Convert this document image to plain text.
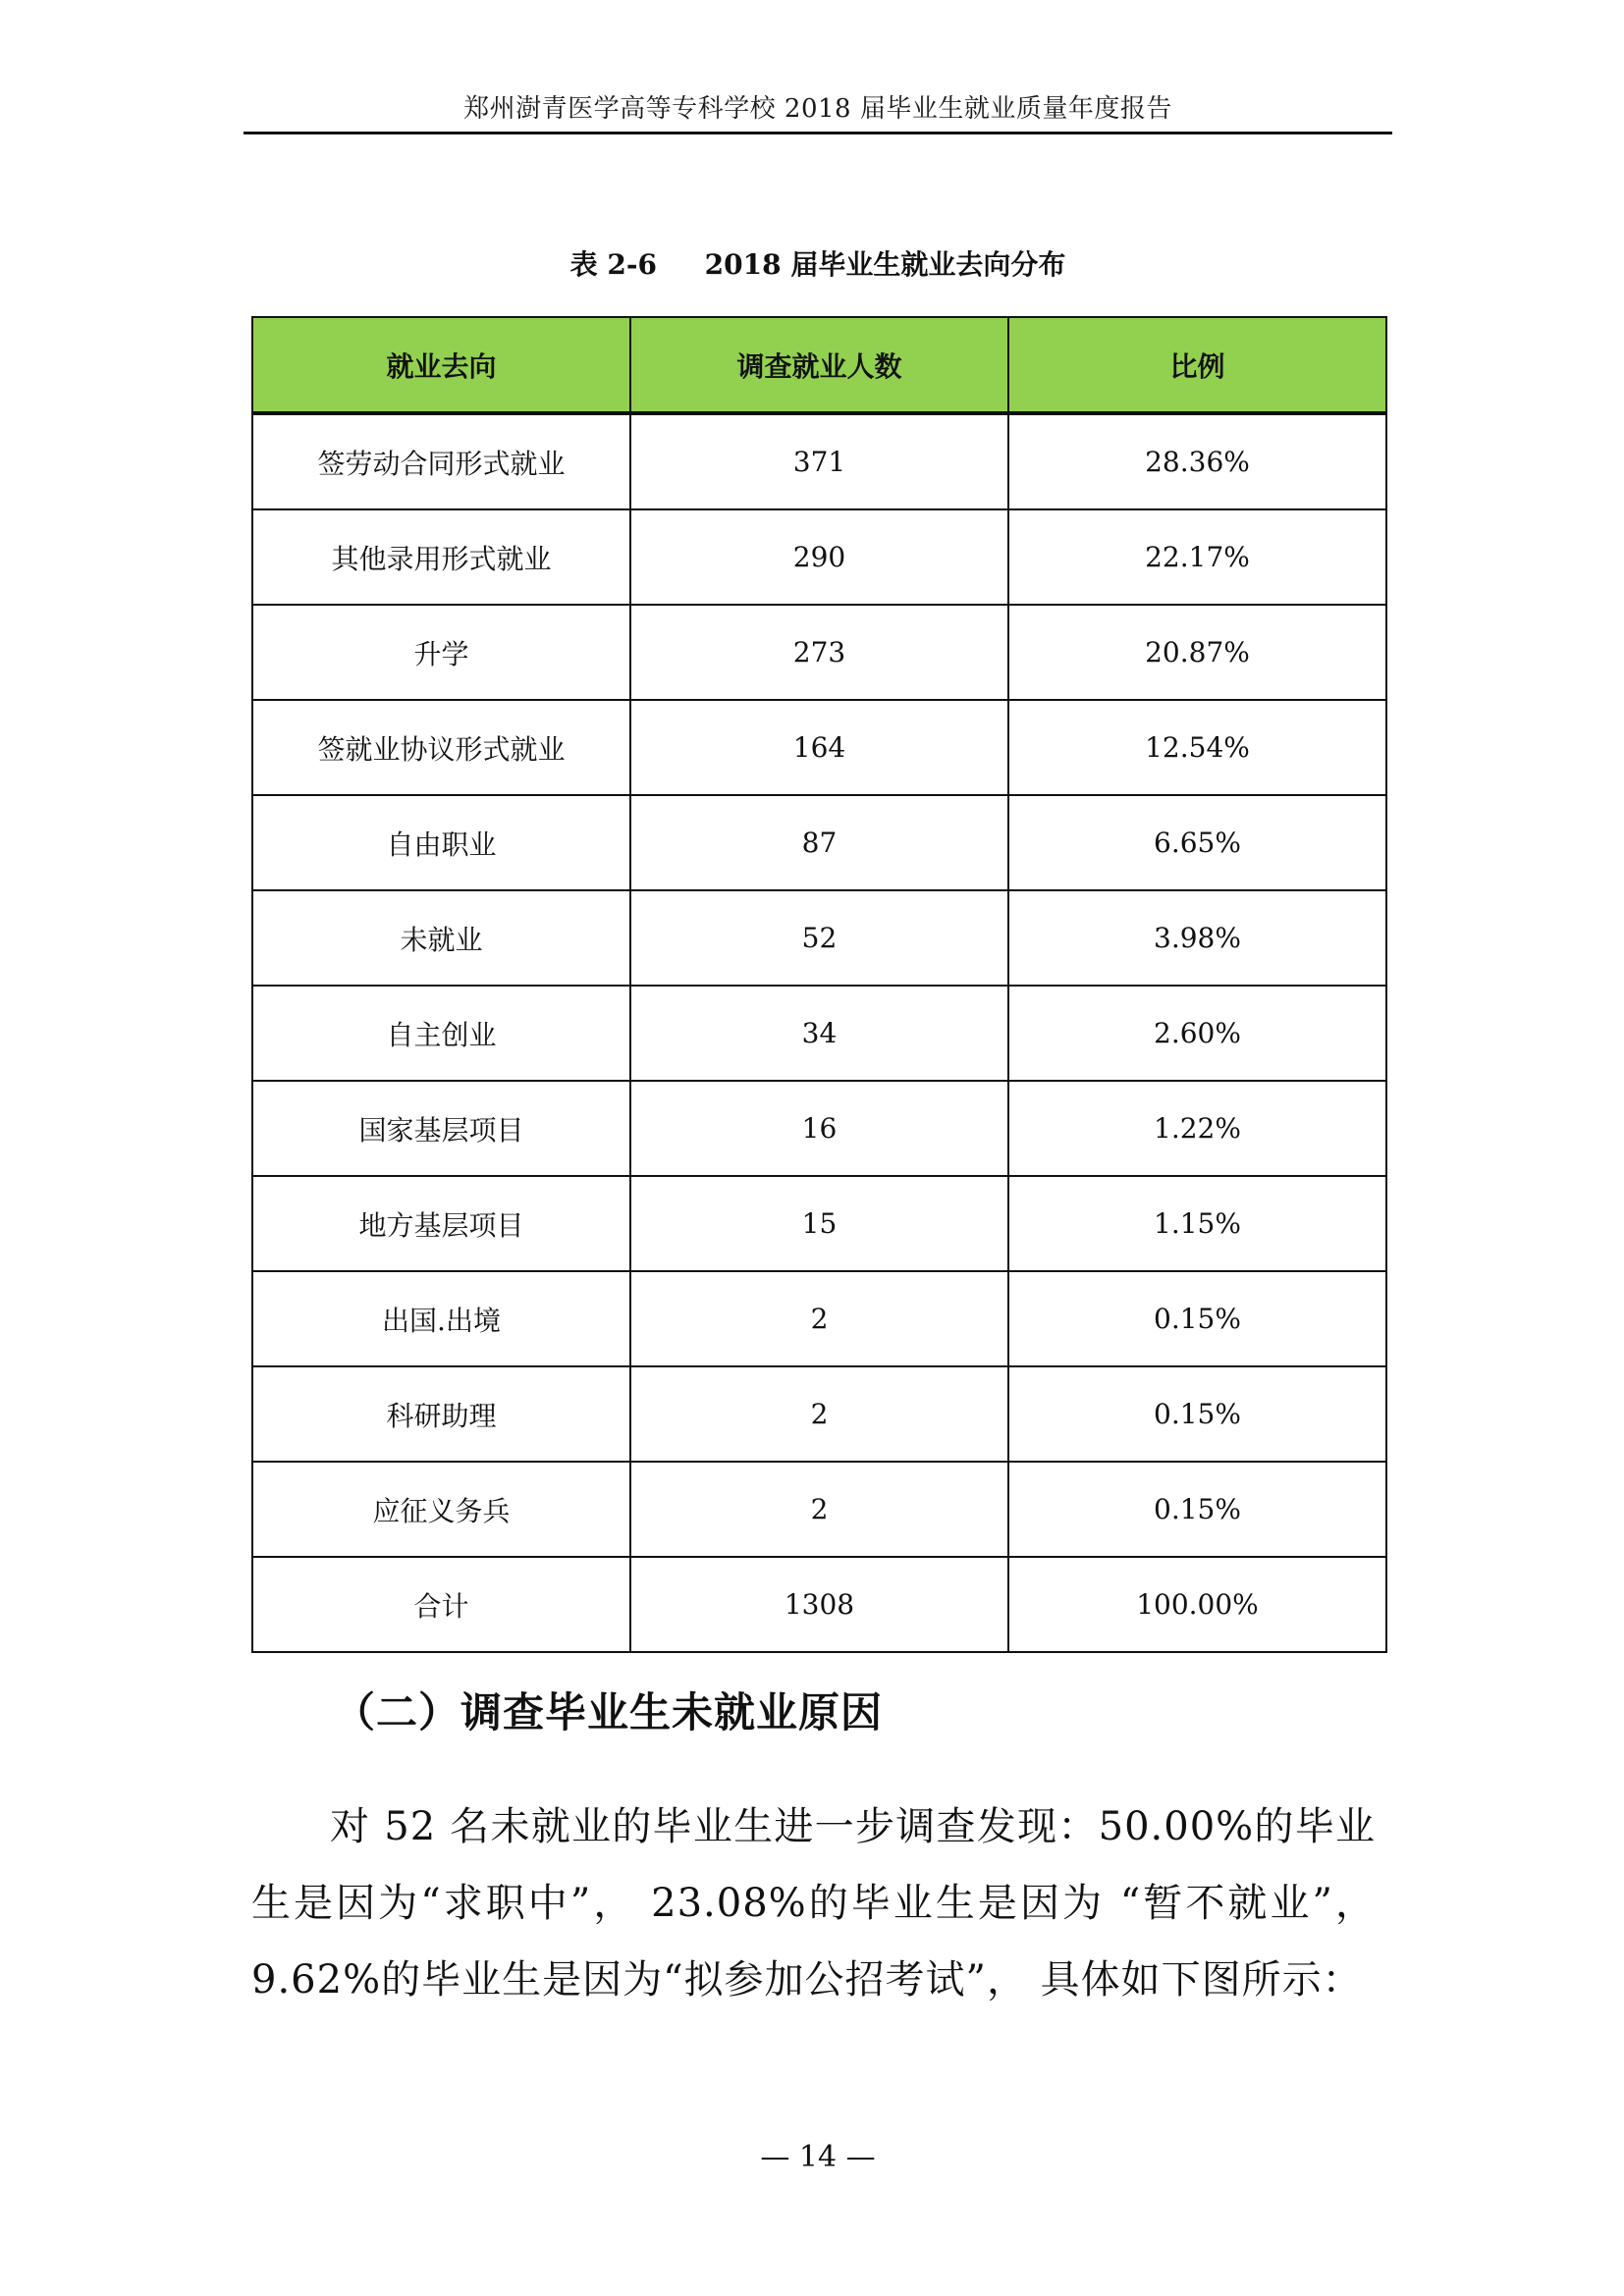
郑州澍青医学高等专科学校 2018 届毕业生就业质量年度报告
表 2-6     2018 届毕业生就业去向分布
就业去向	调查就业人数	比例
签劳动合同形式就业	371	28.36%
其他录用形式就业	290	22.17%
升学	273	20.87%
签就业协议形式就业	164	12.54%
自由职业	87	6.65%
未就业	52	3.98%
自主创业	34	2.60%
国家基层项目	16	1.22%
地方基层项目	15	1.15%
出国.出境	2	0.15%
科研助理	2	0.15%
应征义务兵	2	0.15%
合计	1308	100.00%
（二）调查毕业生未就业原因
对 52 名未就业的毕业生进一步调查发现：50.00%的毕业生是因为“求职中”， 23.08%的毕业生是因为 “暂不就业”，9.62%的毕业生是因为“拟参加公招考试”， 具体如下图所示：
— 14 —
